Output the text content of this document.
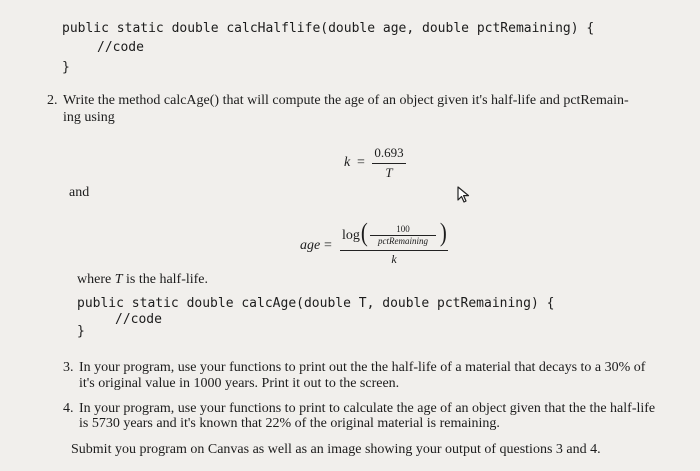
public static double calcHalflife(double age, double pctRemaining) {
//code
}
2. Write the method calcAge() that will compute the age of an object given it's half-life and pctRemain-
ing using
k =
0.693
T
and
age =
log (	100
pctRemaining )
k
where T is the half-life.
public static double calcAge(double T, double pctRemaining) {
//code
}
3. In your program, use your functions to print out the the half-life of a material that decays to a 30% of
it's original value in 1000 years. Print it out to the screen.
4. In your program, use your functions to print to calculate the age of an object given that the the half-life
is 5730 years and it's known that 22% of the original material is remaining.
Submit you program on Canvas as well as an image showing your output of questions 3 and 4.
